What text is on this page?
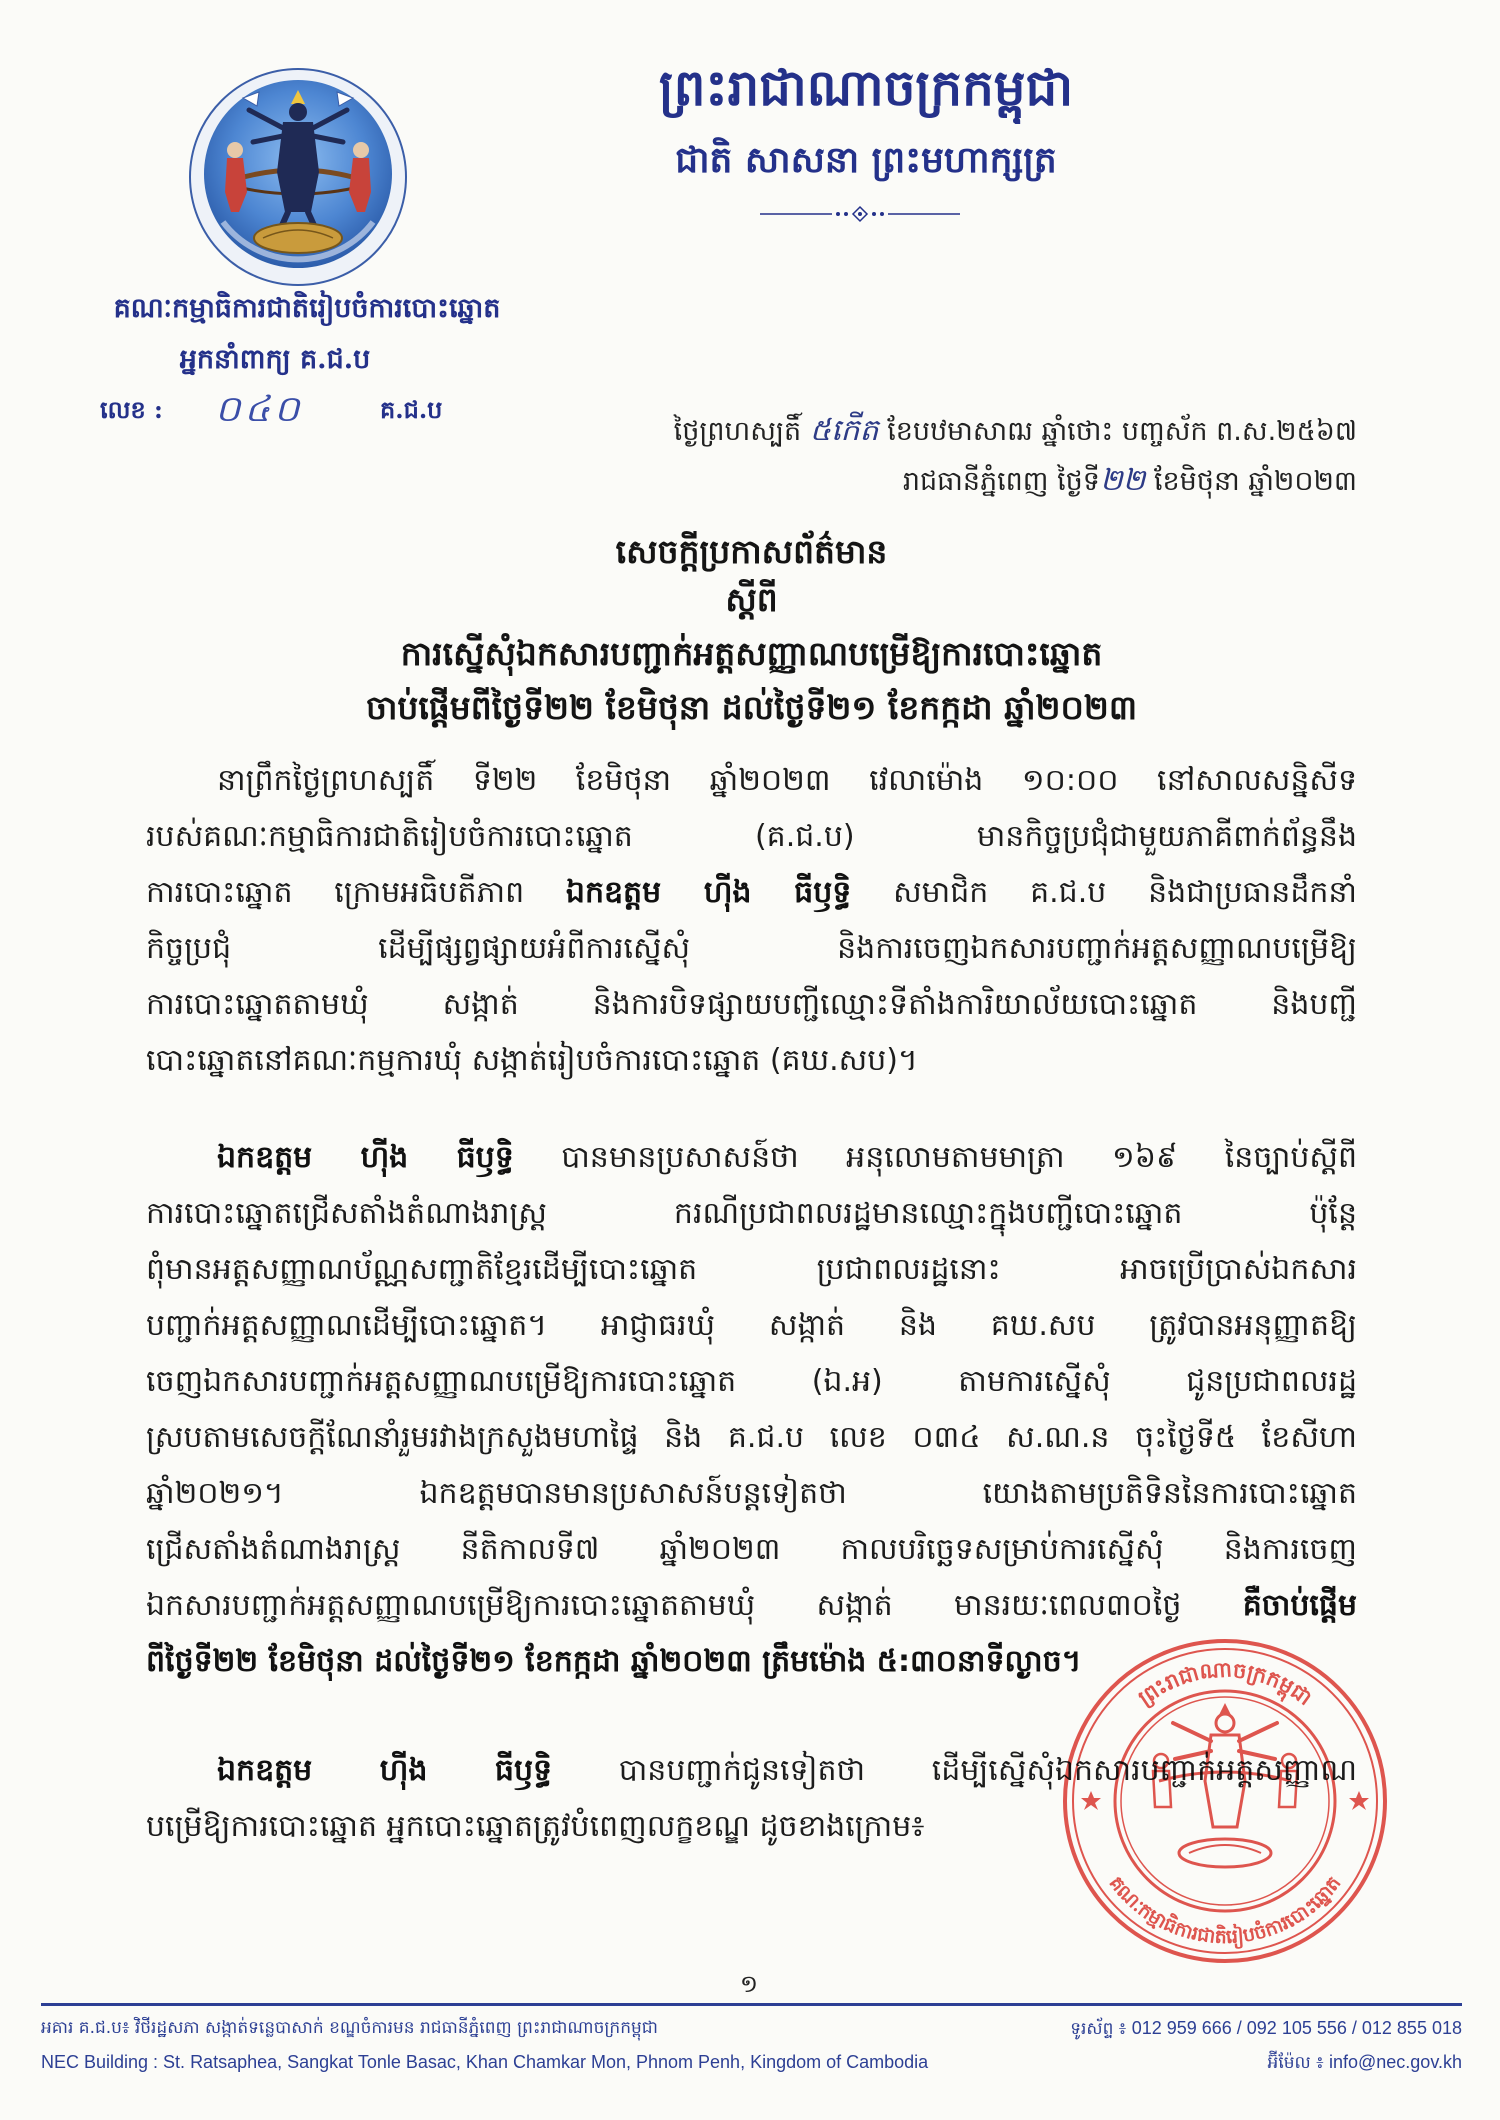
ព្រះរាជាណាចក្រកម្ពុជា
ជាតិ សាសនា ព្រះមហាក្សត្រ
គណៈកម្មាធិការជាតិរៀបចំការបោះឆ្នោត
អ្នកនាំពាក្យ គ.ជ.ប
លេខ : ០៤០	គ.ជ.ប
ថ្ងៃព្រហស្បតិ៍ ៥កើត ខែបឋមាសាឍ ឆ្នាំថោះ បញ្ចស័ក ព.ស.២៥៦៧
រាជធានីភ្នំពេញ ថ្ងៃទី២២ ខែមិថុនា ឆ្នាំ២០២៣
សេចក្តីប្រកាសព័ត៌មាន
ស្តីពី
ការស្នើសុំឯកសារបញ្ជាក់អត្តសញ្ញាណបម្រើឱ្យការបោះឆ្នោត
ចាប់ផ្តើមពីថ្ងៃទី២២ ខែមិថុនា ដល់ថ្ងៃទី២១ ខែកក្កដា ឆ្នាំ២០២៣
នាព្រឹកថ្ងៃព្រហស្បតិ៍ ទី២២ ខែមិថុនា ឆ្នាំ២០២៣ វេលាម៉ោង ១០:០០ នៅសាលសន្និសីទ
របស់គណៈកម្មាធិការជាតិរៀបចំការបោះឆ្នោត (គ.ជ.ប) មានកិច្ចប្រជុំជាមួយភាគីពាក់ព័ន្ធនឹង
ការបោះឆ្នោត ក្រោមអធិបតីភាព ឯកឧត្តម ហ៊ីង ធីឫទ្ធិ សមាជិក គ.ជ.ប និងជាប្រធានដឹកនាំ
កិច្ចប្រជុំ ដើម្បីផ្សព្វផ្សាយអំពីការស្នើសុំ និងការចេញឯកសារបញ្ជាក់អត្តសញ្ញាណបម្រើឱ្យ
ការបោះឆ្នោតតាមឃុំ សង្កាត់ និងការបិទផ្សាយបញ្ជីឈ្មោះទីតាំងការិយាល័យបោះឆ្នោត និងបញ្ជី
បោះឆ្នោតនៅគណៈកម្មការឃុំ សង្កាត់រៀបចំការបោះឆ្នោត (គឃ.សប)។
ឯកឧត្តម ហ៊ីង ធីឫទ្ធិ បានមានប្រសាសន៍ថា អនុលោមតាមមាត្រា ១៦៩ នៃច្បាប់ស្តីពី
ការបោះឆ្នោតជ្រើសតាំងតំណាងរាស្ត្រ ករណីប្រជាពលរដ្ឋមានឈ្មោះក្នុងបញ្ជីបោះឆ្នោត ប៉ុន្តែ
ពុំមានអត្តសញ្ញាណប័ណ្ណសញ្ជាតិខ្មែរដើម្បីបោះឆ្នោត ប្រជាពលរដ្ឋនោះ អាចប្រើប្រាស់ឯកសារ
បញ្ជាក់អត្តសញ្ញាណដើម្បីបោះឆ្នោត។ អាជ្ញាធរឃុំ សង្កាត់ និង គឃ.សប ត្រូវបានអនុញ្ញាតឱ្យ
ចេញឯកសារបញ្ជាក់អត្តសញ្ញាណបម្រើឱ្យការបោះឆ្នោត (ឯ.អ) តាមការស្នើសុំ ជូនប្រជាពលរដ្ឋ
ស្របតាមសេចក្តីណែនាំរួមរវាងក្រសួងមហាផ្ទៃ និង គ.ជ.ប លេខ ០៣៤ ស.ណ.ន ចុះថ្ងៃទី៥ ខែសីហា
ឆ្នាំ២០២១។ ឯកឧត្តមបានមានប្រសាសន៍បន្តទៀតថា យោងតាមប្រតិទិននៃការបោះឆ្នោត
ជ្រើសតាំងតំណាងរាស្ត្រ នីតិកាលទី៧ ឆ្នាំ២០២៣ កាលបរិច្ឆេទសម្រាប់ការស្នើសុំ និងការចេញ
ឯកសារបញ្ជាក់អត្តសញ្ញាណបម្រើឱ្យការបោះឆ្នោតតាមឃុំ សង្កាត់ មានរយៈពេល៣០ថ្ងៃ គឺចាប់ផ្តើម
ពីថ្ងៃទី២២ ខែមិថុនា ដល់ថ្ងៃទី២១ ខែកក្កដា ឆ្នាំ២០២៣ ត្រឹមម៉ោង ៥:៣០នាទីល្ងាច។
ឯកឧត្តម ហ៊ីង ធីឫទ្ធិ បានបញ្ជាក់ជូនទៀតថា ដើម្បីស្នើសុំឯកសារបញ្ជាក់អត្តសញ្ញាណ
បម្រើឱ្យការបោះឆ្នោត អ្នកបោះឆ្នោតត្រូវបំពេញលក្ខខណ្ឌ ដូចខាងក្រោម៖
ព្រះរាជាណាចក្រកម្ពុជា
គណៈកម្មាធិការជាតិរៀបចំការបោះឆ្នោត
១
អគារ គ.ជ.ប៖ វិថីរដ្ឋសភា សង្កាត់ទន្លេបាសាក់ ខណ្ឌចំការមន រាជធានីភ្នំពេញ ព្រះរាជាណាចក្រកម្ពុជា
NEC Building : St. Ratsaphea, Sangkat Tonle Basac, Khan Chamkar Mon, Phnom Penh, Kingdom of Cambodia
ទូរស័ព្ទ ៖ 012 959 666 / 092 105 556 / 012 855 018
អ៊ីម៉ែល ៖ info@nec.gov.kh
